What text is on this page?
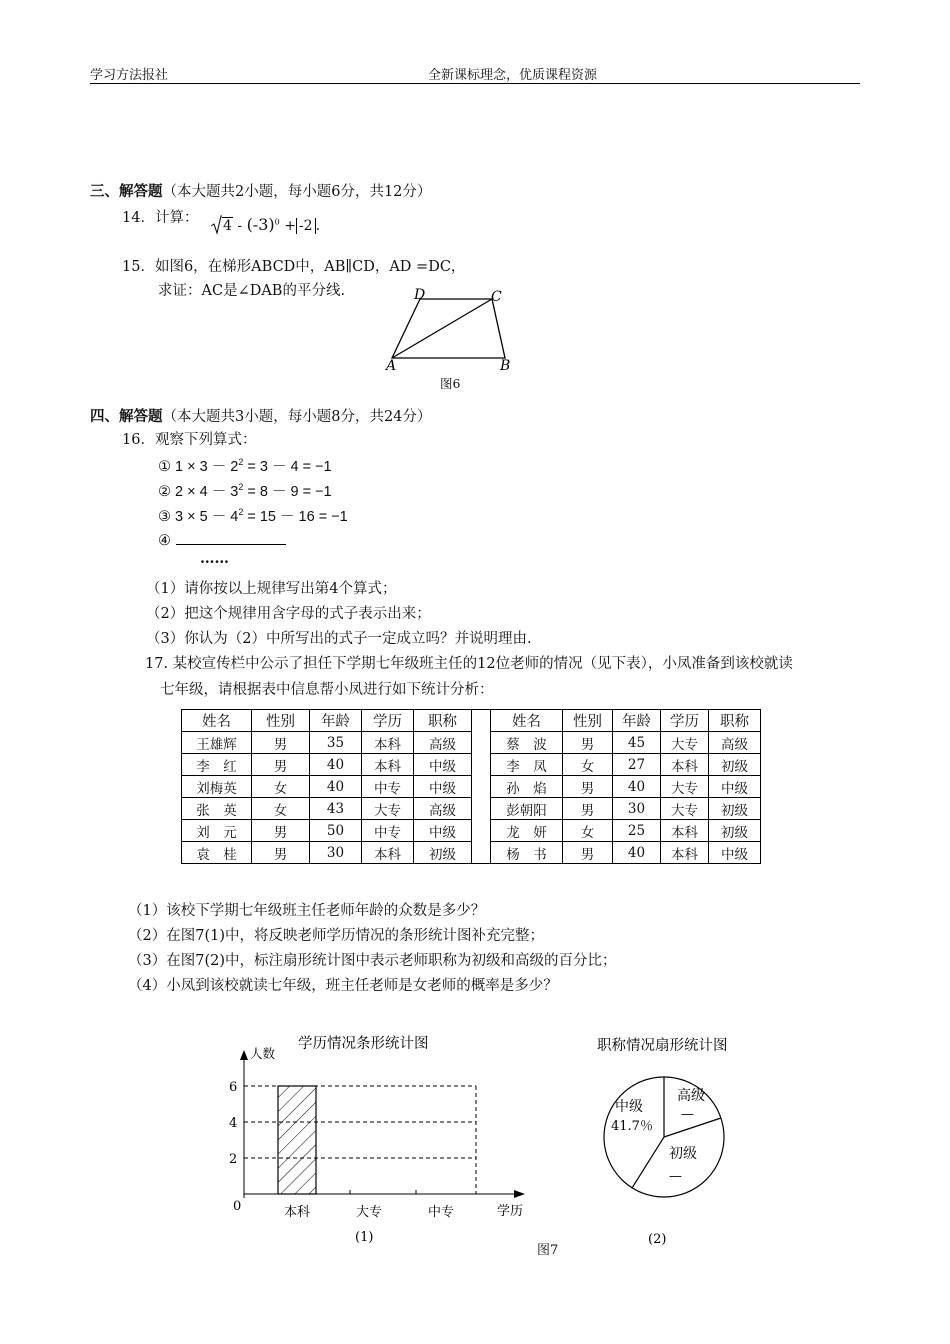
学习方法报社	全新课标理念，优质课程资源
三、解答题（本大题共2小题，每小题6分，共12分）
14．计算：	$4 - (-3)^0 + -2$ .
15．如图6，在梯形ABCD中，AB∥CD，AD =DC，
求证：AC是∠DAB的平分线.	D	C
A	B
图6
四、解答题（本大题共3小题，每小题8分，共24分）
16．观察下列算式：
① $1 \times 3 - 2^2 = 3 - 4 = -1$
② $2 \times 4 - 3^2 = 8 - 9 = -1$
③ $3 \times 5 - 4^2 = 15 - 16 = -1$
④
……
（1）请你按以上规律写出第4个算式；
（2）把这个规律用含字母的式子表示出来；
（3）你认为（2）中所写出的式子一定成立吗？并说明理由.
17. 某校宣传栏中公示了担任下学期七年级班主任的12位老师的情况（见下表），小凤准备到该校就读
七年级，请根据表中信息帮小凤进行如下统计分析：
姓名	性别	年龄	学历	职称		姓名	性别	年龄	学历	职称
王雄辉	男	35	本科	高级		蔡　波	男	45	大专	高级
李　红	男	40	本科	中级		李　凤	女	27	本科	初级
刘梅英	女	40	中专	中级		孙　焰	男	40	大专	中级
张　英	女	43	大专	高级		彭朝阳	男	30	大专	初级
刘　元	男	50	中专	中级		龙　妍	女	25	本科	初级
袁　桂	男	30	本科	初级		杨　书	男	40	本科	中级
（1）该校下学期七年级班主任老师年龄的众数是多少？
（2）在图7(1)中，将反映老师学历情况的条形统计图补充完整；
（3）在图7(2)中，标注扇形统计图中表示老师职称为初级和高级的百分比；
（4）小凤到该校就读七年级，班主任老师是女老师的概率是多少？
学历情况条形统计图
人数
0
2
4
6
本科	大专	中专	学历
(1)
职称情况扇形统计图
中级
41.7％
高级
—
初级
—
(2)
图7
